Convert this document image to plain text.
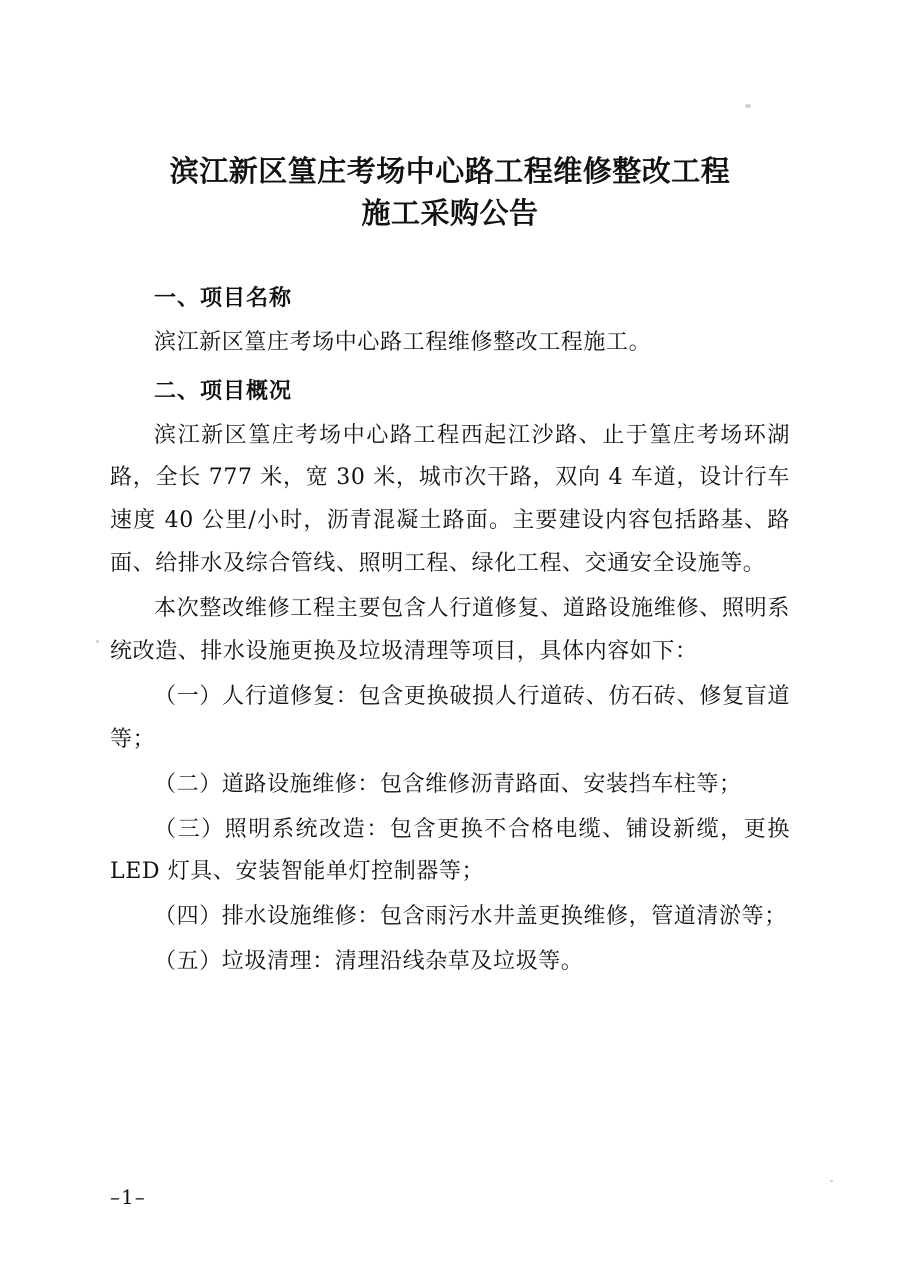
滨江新区篁庄考场中心路工程维修整改工程
施工采购公告
一、项目名称

滨江新区篁庄考场中心路工程维修整改工程施工。

二、项目概况

滨江新区篁庄考场中心路工程西起江沙路、止于篁庄考场环湖路，全长 777 米，宽 30 米，城市次干路，双向 4 车道，设计行车速度 40 公里/小时，沥青混凝土路面。主要建设内容包括路基、路面、给排水及综合管线、照明工程、绿化工程、交通安全设施等。

本次整改维修工程主要包含人行道修复、道路设施维修、照明系统改造、排水设施更换及垃圾清理等项目，具体内容如下：

（一）人行道修复：包含更换破损人行道砖、仿石砖、修复盲道等；

（二）道路设施维修：包含维修沥青路面、安装挡车柱等；

（三）照明系统改造：包含更换不合格电缆、铺设新缆，更换 LED 灯具、安装智能单灯控制器等；

（四）排水设施维修：包含雨污水井盖更换维修，管道清淤等；

（五）垃圾清理：清理沿线杂草及垃圾等。

–1–
